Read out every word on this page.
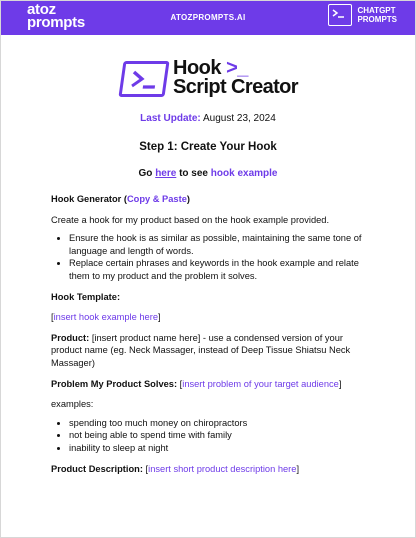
atoz
prompts	ATOZPROMPTS.AI
CHATGPT
PROMPTS
Hook >_
Script Creator
Last Update: August 23, 2024
Step 1: Create Your Hook
Go here to see hook example

Hook Generator (Copy & Paste)

Create a hook for my product based on the hook example provided.

• Ensure the hook is as similar as possible, maintaining the same tone of language and length of words.
• Replace certain phrases and keywords in the hook example and relate them to my product and the problem it solves.

Hook Template:

[insert hook example here]

Product: [insert product name here] - use a condensed version of your product name (eg. Neck Massager, instead of Deep Tissue Shiatsu Neck Massager)

Problem My Product Solves: [insert problem of your target audience]

examples:

• spending too much money on chiropractors
• not being able to spend time with family
• inability to sleep at night

Product Description: [insert short product description here]
